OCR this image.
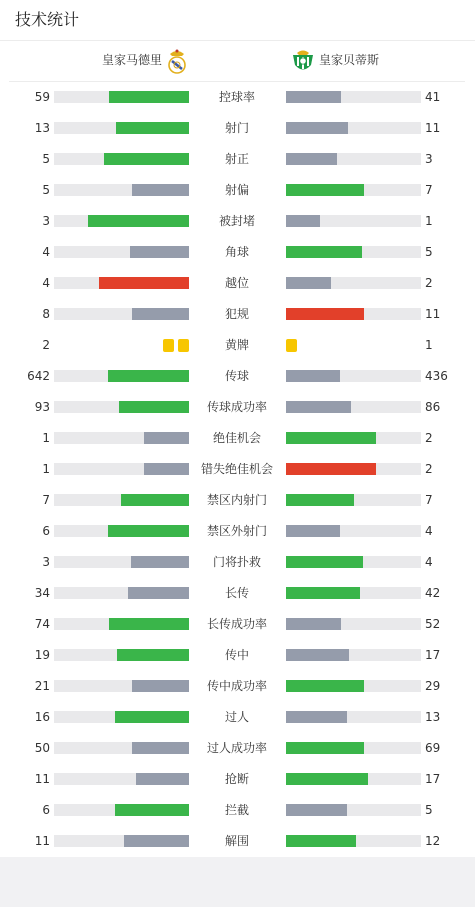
技术统计
皇家马德里	皇家贝蒂斯
59	控球率	41
13	射门	11
5	射正	3
5	射偏	7
3	被封堵	1
4	角球	5
4	越位	2
8	犯规	11
2	黄牌	1
642	传球	436
93	传球成功率	86
1	绝佳机会	2
1	错失绝佳机会	2
7	禁区内射门	7
6	禁区外射门	4
3	门将扑救	4
34	长传	42
74	长传成功率	52
19	传中	17
21	传中成功率	29
16	过人	13
50	过人成功率	69
11	抢断	17
6	拦截	5
11	解围	12
